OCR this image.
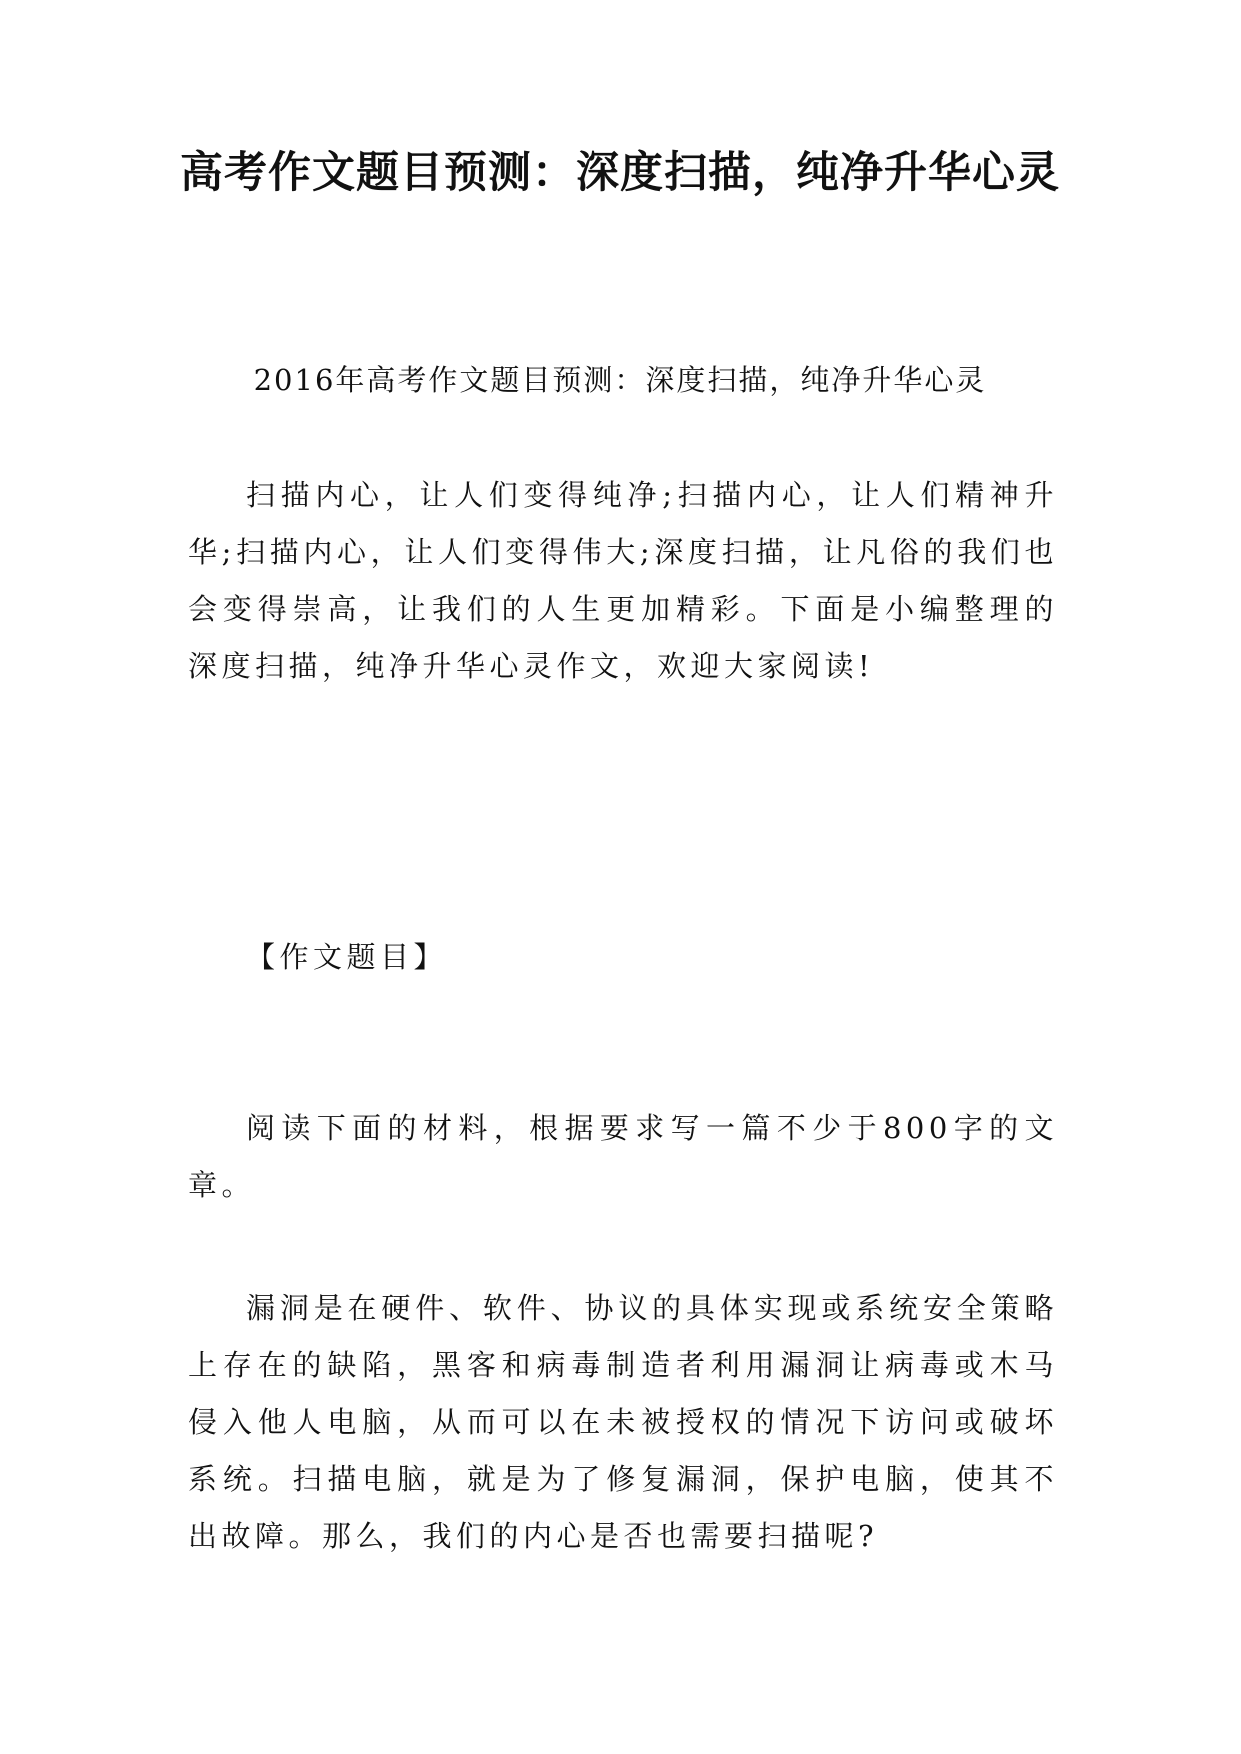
高考作文题目预测：深度扫描，纯净升华心灵

2016年高考作文题目预测：深度扫描，纯净升华心灵

扫描内心，让人们变得纯净;扫描内心，让人们精神升华;扫描内心，让人们变得伟大;深度扫描，让凡俗的我们也会变得崇高，让我们的人生更加精彩。下面是小编整理的深度扫描，纯净升华心灵作文，欢迎大家阅读!

【作文题目】

阅读下面的材料，根据要求写一篇不少于800字的文章。

漏洞是在硬件、软件、协议的具体实现或系统安全策略上存在的缺陷，黑客和病毒制造者利用漏洞让病毒或木马侵入他人电脑，从而可以在未被授权的情况下访问或破坏系统。扫描电脑，就是为了修复漏洞，保护电脑，使其不出故障。那么，我们的内心是否也需要扫描呢?
